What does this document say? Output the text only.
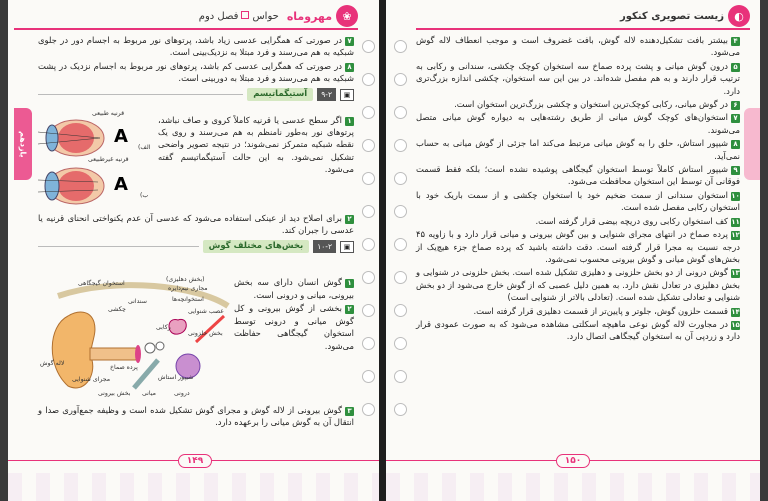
❀
مهروماه
حواسفصل دوم
یازدهم

۷در صورتی که همگرایی عدسی زیاد باشد، پرتوهای نور مربوط به اجسام دور در جلوی شبکیه به هم می‌رسند و فرد مبتلا به نزدیک‌بینی است.

۸در صورتی که همگرایی عدسی کم باشد، پرتوهای نور مربوط به اجسام نزدیک در پشت شبکیه به هم می‌رسند و فرد مبتلا به دوربینی است.

▣
۹-۲
آستیگماتیسم

۱اگر سطح عدسی یا قرنیه کاملاً کروی و صاف نباشد، پرتوهای نور به‌طور نامنظم به هم می‌رسند و روی یک نقطه شبکیه متمرکز نمی‌شوند؛ در نتیجه تصویر واضحی تشکیل نمی‌شود. به این حالت آستیگماتیسم گفته می‌شود.

قرنیه طبیعی
قرنیه غیرطبیعی
A
A
الف)
ب)

۲برای اصلاح دید از عینکی استفاده می‌شود که عدسی آن عدم یکنواختی انحنای قرنیه یا عدسی را جبران کند.

▣
۱۰-۲
بخش‌های مختلف گوش

۱گوش انسان دارای سه بخش بیرونی، میانی و درونی است.

۲بخشی از گوش بیرونی و کل گوش میانی و درونی توسط استخوان گیجگاهی حفاظت می‌شود.

استخوان گیجگاهی
(بخش دهلیزی)
مجاری نیم‌دایره
استخوانچه‌ها
سندانی
چکشی	عصب شنوایی
بخش حلزونی
رکابی
لاله گوش
مجرای شنوایی
پرده صماخ
شیپور استاش
بخش بیرونی میانی	درونی

۳گوش بیرونی از لاله گوش و مجرای گوش تشکیل شده است و وظیفه جمع‌آوری صدا و انتقال آن به گوش میانی را برعهده دارد.

۱۴۹
◐
زیست تصویری کنکور

۴بیشتر بافت تشکیل‌دهنده لاله گوش، بافت غضروف است و موجب انعطاف لاله گوش می‌شود.

۵درون گوش میانی و پشت پرده صماخ سه استخوان کوچک چکشی، سندانی و رکابی به ترتیب قرار دارند و به هم مفصل شده‌اند. در بین این سه استخوان، چکشی اندازه بزرگ‌تری دارد.

۶در گوش میانی، رکابی کوچک‌ترین استخوان و چکشی بزرگ‌ترین استخوان است.

۷استخوان‌های کوچک گوش میانی از طریق رشته‌هایی به دیواره گوش میانی متصل می‌شوند.

۸شیپور استاش، حلق را به گوش میانی مرتبط می‌کند اما جزئی از گوش میانی به حساب نمی‌آید.

۹شیپور استاش کاملاً توسط استخوان گیجگاهی پوشیده نشده است؛ بلکه فقط قسمت فوقانی آن توسط این استخوان محافظت می‌شود.

۱۰استخوان سندانی از سمت ضخیم خود با استخوان چکشی و از سمت باریک خود با استخوان رکابی مفصل شده است.

۱۱کف استخوان رکابی روی دریچه بیضی قرار گرفته است.

۱۲پرده صماخ در انتهای مجرای شنوایی و بین گوش بیرونی و میانی قرار دارد و با زاویه ۴۵ درجه نسبت به مجرا قرار گرفته است. دقت داشته باشید که پرده صماخ جزء هیچ‌یک از بخش‌های گوش میانی و گوش بیرونی محسوب نمی‌شود.

۱۳گوش درونی از دو بخش حلزونی و دهلیزی تشکیل شده است. بخش حلزونی در شنوایی و بخش دهلیزی در تعادل نقش دارد. به همین دلیل عصبی که از گوش خارج می‌شود از دو بخش شنوایی و تعادلی تشکیل شده است. (تعادلی بالاتر از شنوایی است)

۱۴قسمت حلزون گوش، جلوتر و پایین‌تر از قسمت دهلیزی قرار گرفته است.

۱۵در مجاورت لاله گوش نوعی ماهیچه اسکلتی مشاهده می‌شود که به صورت عمودی قرار دارد و زردپی آن به استخوان گیجگاهی اتصال دارد.

۱۵۰
